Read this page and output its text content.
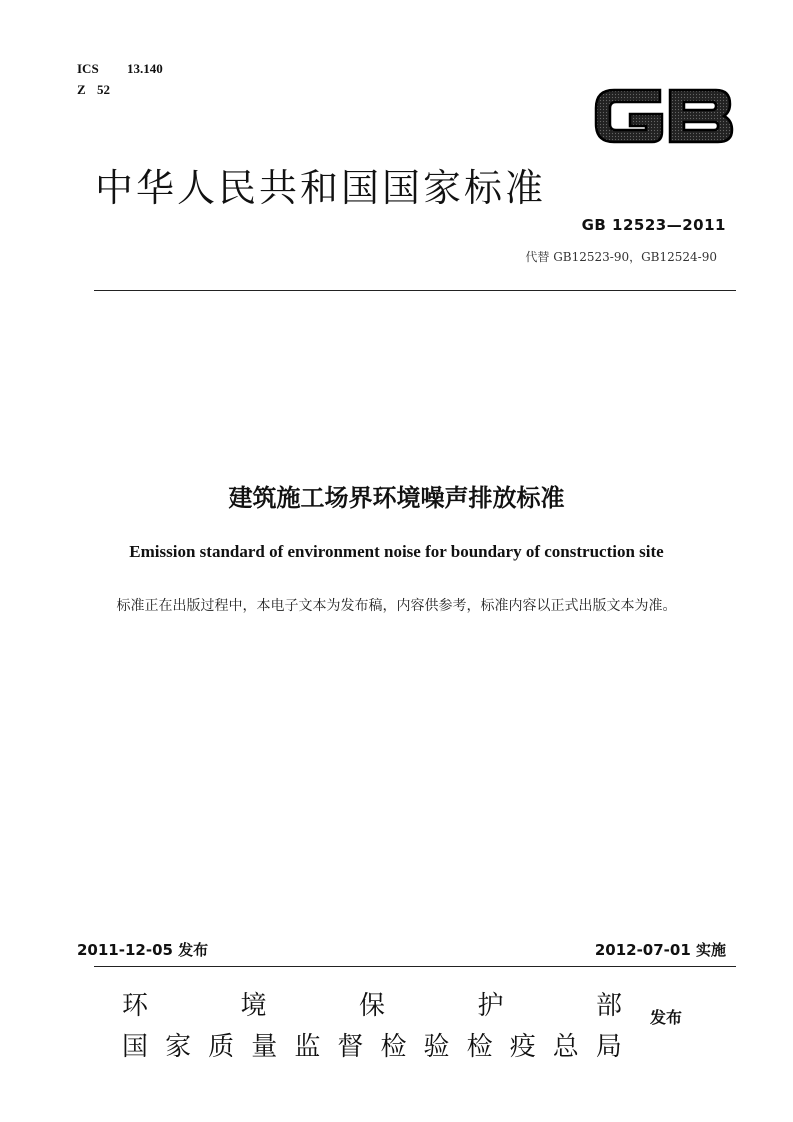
ICS 13.140
Z 52
中华人民共和国国家标准
GB 12523—2011
代替 GB12523-90，GB12524-90
建筑施工场界环境噪声排放标准
Emission standard of environment noise for boundary of construction site
标准正在出版过程中，本电子文本为发布稿，内容供参考，标准内容以正式出版文本为准。
2011-12-05 发布	2012-07-01 实施
环	境	保	护	部
国 家 质 量 监 督 检 验 检 疫 总 局
发布
